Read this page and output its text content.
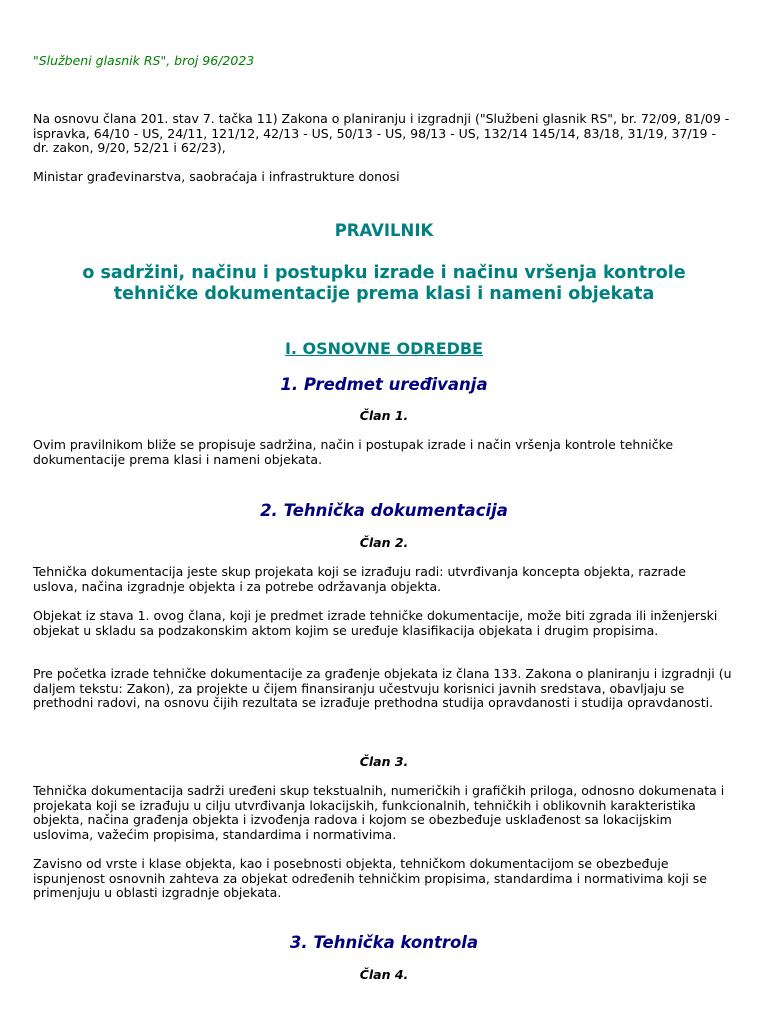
"Službeni glasnik RS", broj 96/2023

Na osnovu člana 201. stav 7. tačka 11) Zakona o planiranju i izgradnji ("Službeni glasnik RS", br. 72/09, 81/09 - ispravka, 64/10 - US, 24/11, 121/12, 42/13 - US, 50/13 - US, 98/13 - US, 132/14 145/14, 83/18, 31/19, 37/19 - dr. zakon, 9/20, 52/21 i 62/23),

Ministar građevinarstva, saobraćaja i infrastrukture donosi

PRAVILNIK

o sadržini, načinu i postupku izrade i načinu vršenja kontrole
tehničke dokumentacije prema klasi i nameni objekata

I. OSNOVNE ODREDBE

1. Predmet uređivanja

Član 1.

Ovim pravilnikom bliže se propisuje sadržina, način i postupak izrade i način vršenja kontrole tehničke dokumentacije prema klasi i nameni objekata.

2. Tehnička dokumentacija

Član 2.

Tehnička dokumentacija jeste skup projekata koji se izrađuju radi: utvrđivanja koncepta objekta, razrade uslova, načina izgradnje objekta i za potrebe održavanja objekta.

Objekat iz stava 1. ovog člana, koji je predmet izrade tehničke dokumentacije, može biti zgrada ili inženjerski objekat u skladu sa podzakonskim aktom kojim se uređuje klasifikacija objekata i drugim propisima.

Pre početka izrade tehničke dokumentacije za građenje objekata iz člana 133. Zakona o planiranju i izgradnji (u daljem tekstu: Zakon), za projekte u čijem finansiranju učestvuju korisnici javnih sredstava, obavljaju se prethodni radovi, na osnovu čijih rezultata se izrađuje prethodna studija opravdanosti i studija opravdanosti.

Član 3.

Tehnička dokumentacija sadrži uređeni skup tekstualnih, numeričkih i grafičkih priloga, odnosno dokumenata i projekata koji se izrađuju u cilju utvrđivanja lokacijskih, funkcionalnih, tehničkih i oblikovnih karakteristika objekta, načina građenja objekta i izvođenja radova i kojom se obezbeđuje usklađenost sa lokacijskim uslovima, važećim propisima, standardima i normativima.

Zavisno od vrste i klase objekta, kao i posebnosti objekta, tehničkom dokumentacijom se obezbeđuje ispunjenost osnovnih zahteva za objekat određenih tehničkim propisima, standardima i normativima koji se primenjuju u oblasti izgradnje objekata.

3. Tehnička kontrola

Član 4.
